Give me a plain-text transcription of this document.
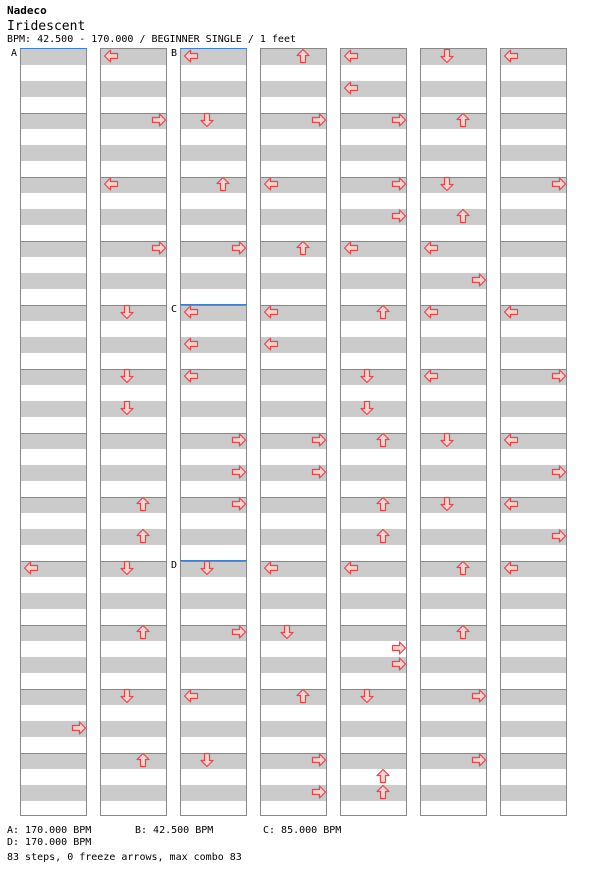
Nadeco
Iridescent
BPM: 42.500 - 170.000 / BEGINNER SINGLE / 1 feet
A	B
C
D
A: 170.000 BPM	B: 42.500 BPM	C: 85.000 BPM
D: 170.000 BPM
83 steps, 0 freeze arrows, max combo 83
